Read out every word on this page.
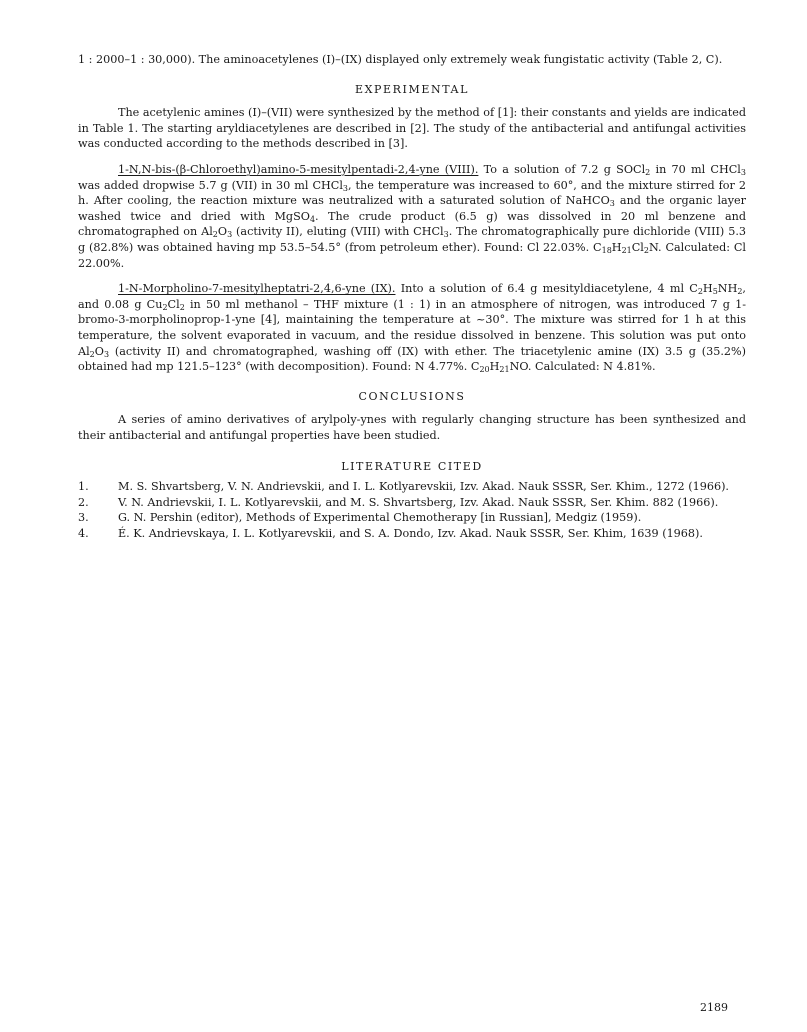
1 : 2000–1 : 30,000). The aminoacetylenes (I)–(IX) displayed only extremely weak fungistatic activity (Table 2, C).

EXPERIMENTAL

The acetylenic amines (I)–(VII) were synthesized by the method of [1]: their constants and yields are indicated in Table 1. The starting aryldiacetylenes are described in [2]. The study of the antibacterial and antifungal activities was conducted according to the methods described in [3].

1-N,N-bis-(β-Chloroethyl)amino-5-mesitylpentadi-2,4-yne (VIII). To a solution of 7.2 g SOCl$_2$ in 70 ml CHCl$_3$ was added dropwise 5.7 g (VII) in 30 ml CHCl$_3$, the temperature was increased to 60°, and the mixture stirred for 2 h. After cooling, the reaction mixture was neutralized with a saturated solution of NaHCO$_3$ and the organic layer washed twice and dried with MgSO$_4$. The crude product (6.5 g) was dissolved in 20 ml benzene and chromatographed on $Al_2O_3$ (activity II), eluting (VIII) with CHCl$_3$. The chromatographically pure dichloride (VIII) 5.3 g (82.8%) was obtained having mp 53.5–54.5° (from petroleum ether). Found: Cl 22.03%. $C_{18}H_{21}Cl_2N$. Calculated: Cl 22.00%.

1-N-Morpholino-7-mesitylheptatri-2,4,6-yne (IX). Into a solution of 6.4 g mesityldiacetylene, 4 ml $C_2H_5NH_2$, and 0.08 g $Cu_2Cl_2$ in 50 ml methanol – THF mixture (1 : 1) in an atmosphere of nitrogen, was introduced 7 g 1-bromo-3-morpholinoprop-1-yne [4], maintaining the temperature at ~30°. The mixture was stirred for 1 h at this temperature, the solvent evaporated in vacuum, and the residue dissolved in benzene. This solution was put onto $Al_2O_3$ (activity II) and chromatographed, washing off (IX) with ether. The triacetylenic amine (IX) 3.5 g (35.2%) obtained had mp 121.5–123° (with decomposition). Found: N 4.77%. $C_{20}H_{21}NO$. Calculated: N 4.81%.

CONCLUSIONS

A series of amino derivatives of arylpoly-ynes with regularly changing structure has been synthesized and their antibacterial and antifungal properties have been studied.

LITERATURE CITED
1.	M. S. Shvartsberg, V. N. Andrievskii, and I. L. Kotlyarevskii, Izv. Akad. Nauk SSSR, Ser. Khim., 1272 (1966).
2.	V. N. Andrievskii, I. L. Kotlyarevskii, and M. S. Shvartsberg, Izv. Akad. Nauk SSSR, Ser. Khim. 882 (1966).
3.	G. N. Pershin (editor), Methods of Experimental Chemotherapy [in Russian], Medgiz (1959).
4.	É. K. Andrievskaya, I. L. Kotlyarevskii, and S. A. Dondo, Izv. Akad. Nauk SSSR, Ser. Khim, 1639 (1968).
2189
